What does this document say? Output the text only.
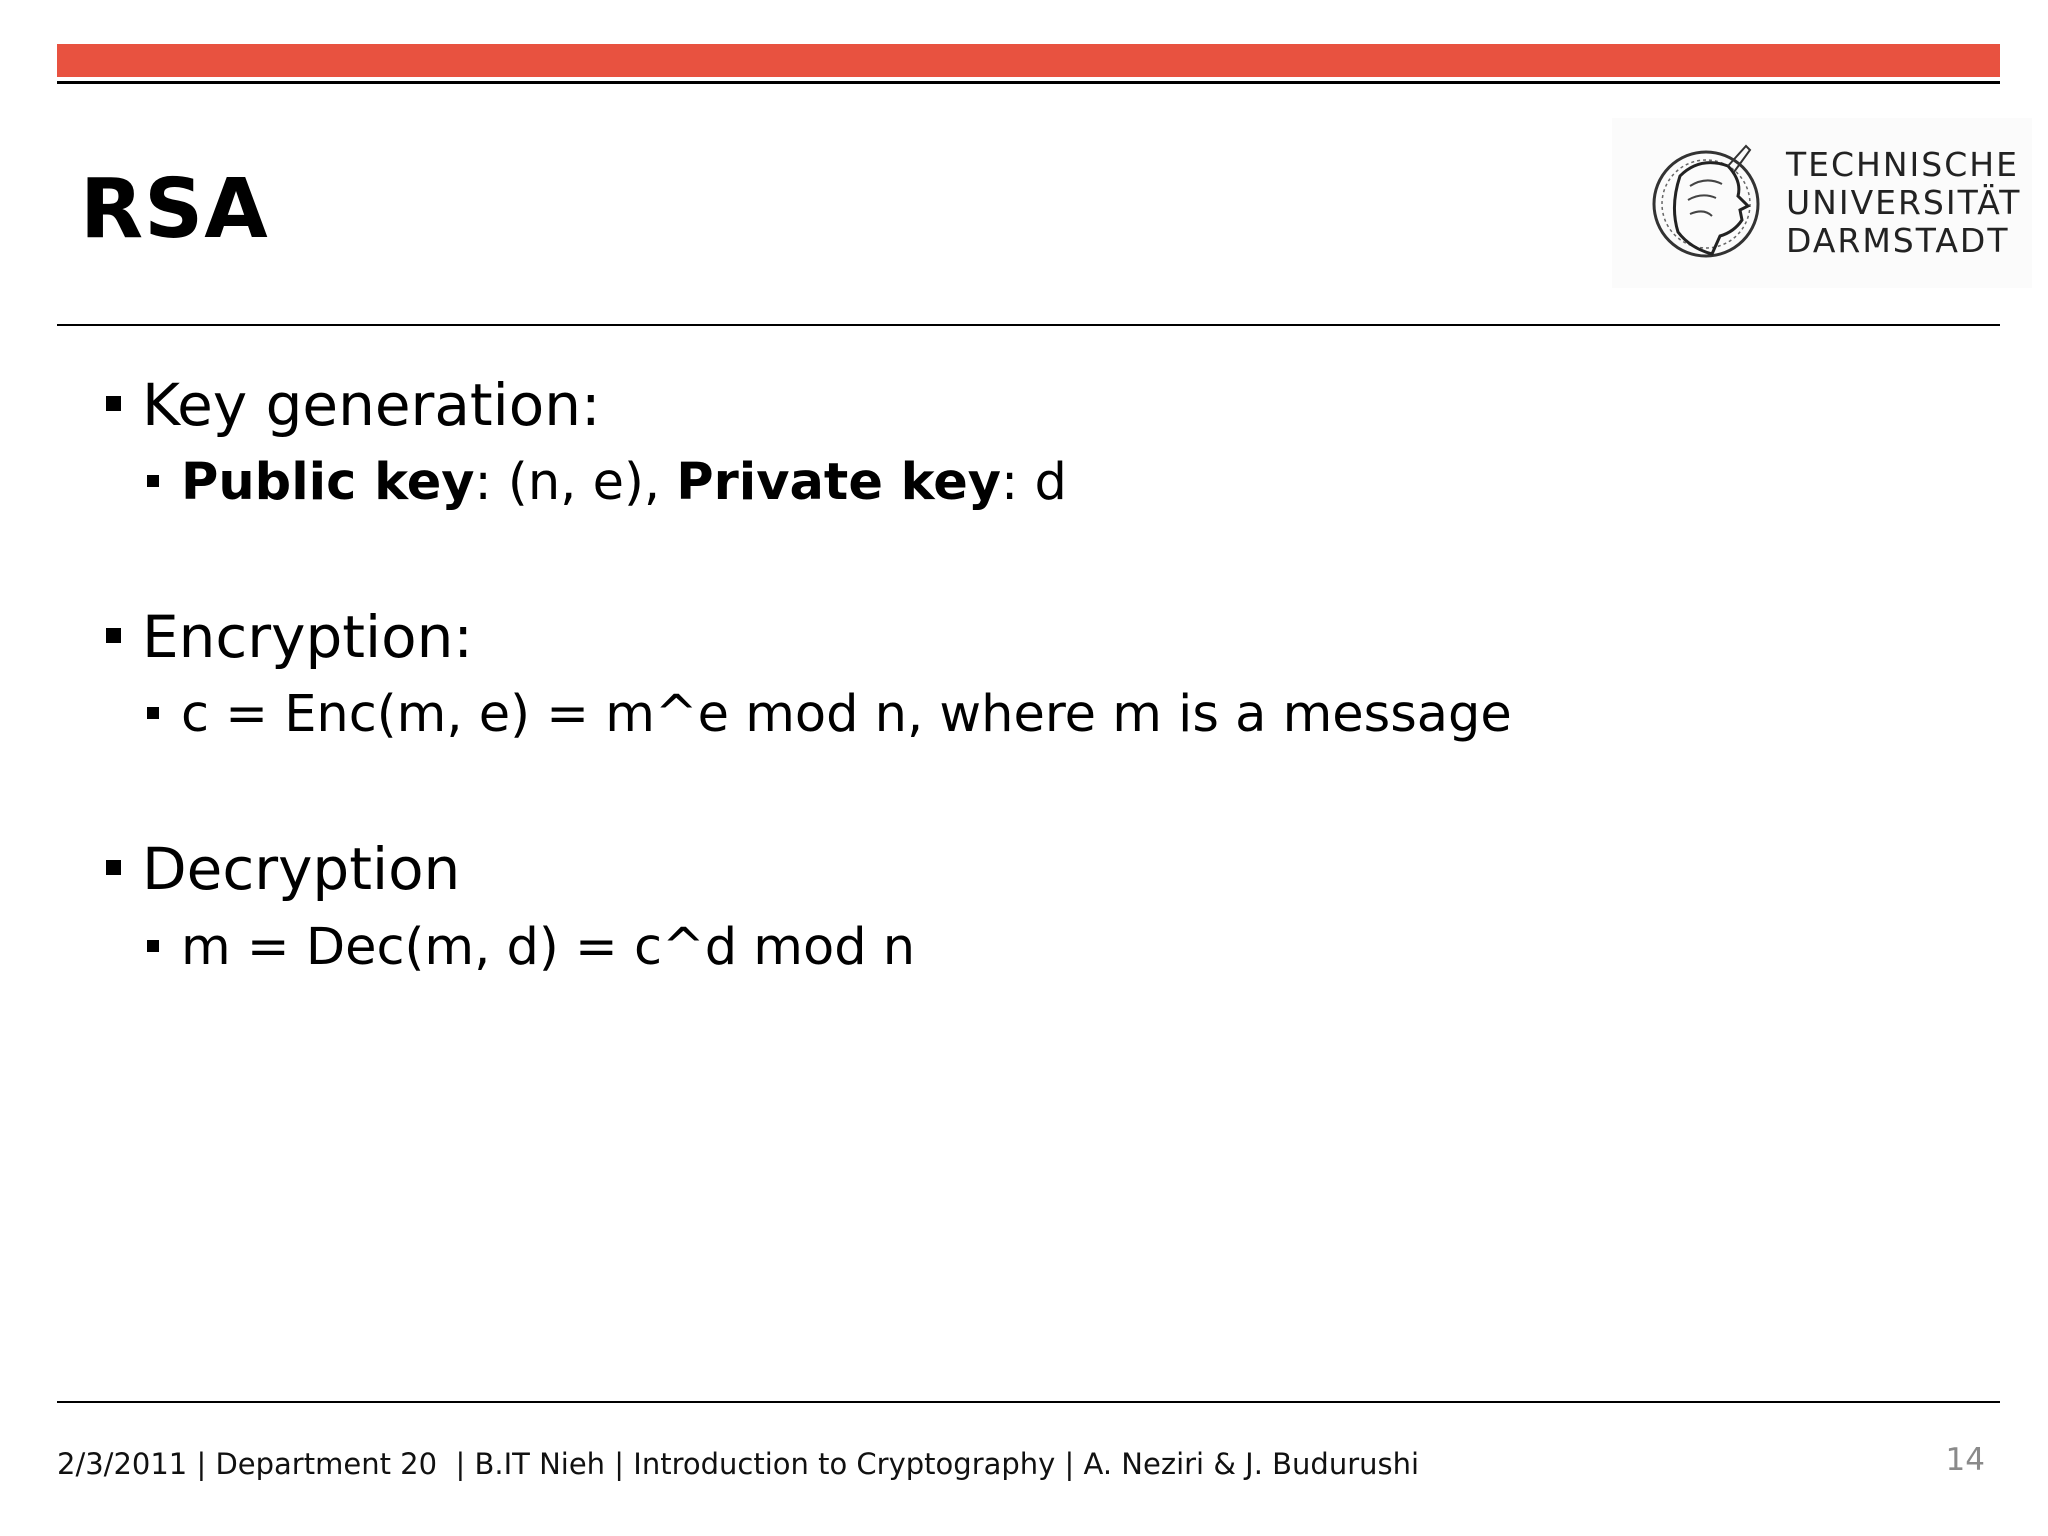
RSA	TECHNISCHE
UNIVERSITÄT
DARMSTADT
Key generation:
Public key: (n, e), Private key: d
Encryption:
c = Enc(m, e) = m^e mod n, where m is a message
Decryption
m = Dec(m, d) = c^d mod n
2/3/2011 | Department 20  | B.IT Nieh | Introduction to Cryptography | A. Neziri & J. Budurushi	14
